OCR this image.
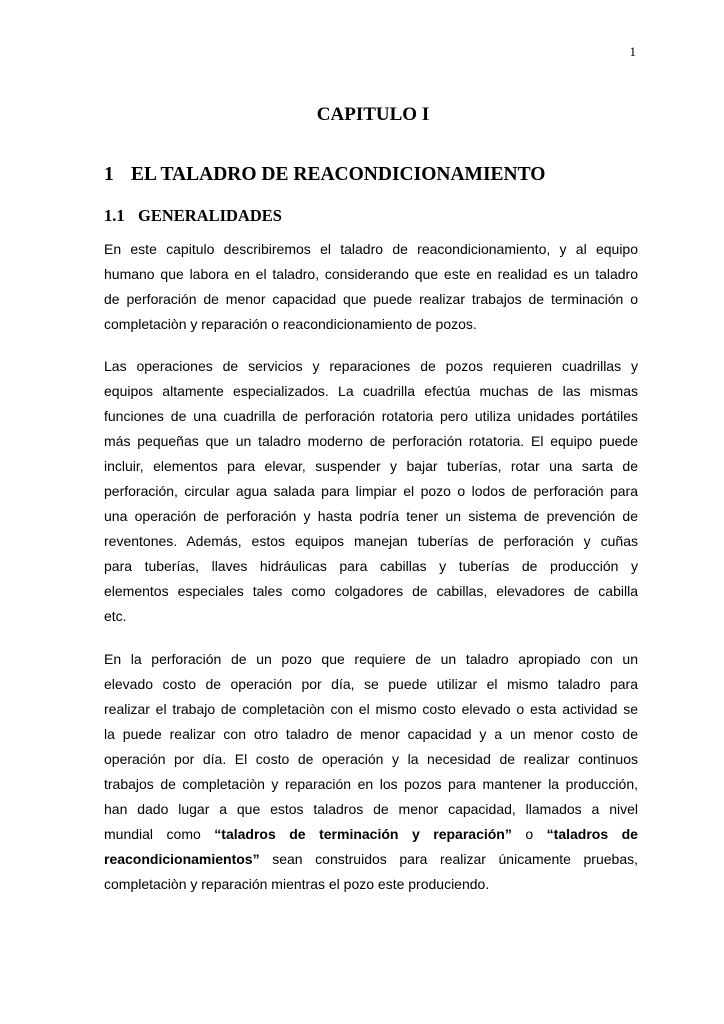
1
CAPITULO I
1 EL TALADRO DE REACONDICIONAMIENTO
1.1 GENERALIDADES
En este capitulo describiremos el taladro de reacondicionamiento, y al equipo
humano que labora en el taladro, considerando que este en realidad es un taladro
de perforación de menor capacidad que puede realizar trabajos de terminación o
completaciòn y reparación o reacondicionamiento de pozos.
Las operaciones de servicios y reparaciones de pozos requieren cuadrillas y
equipos altamente especializados. La cuadrilla efectúa muchas de las mismas
funciones de una cuadrilla de perforación rotatoria pero utiliza unidades portátiles
más pequeñas que un taladro moderno de perforación rotatoria. El equipo puede
incluir, elementos para elevar, suspender y bajar tuberías, rotar una sarta de
perforación, circular agua salada para limpiar el pozo o lodos de perforación para
una operación de perforación y hasta podría tener un sistema de prevención de
reventones. Además, estos equipos manejan tuberías de perforación y cuñas
para tuberías, llaves hidráulicas para cabillas y tuberías de producción y
elementos especiales tales como colgadores de cabillas, elevadores de cabilla
etc.
En la perforación de un pozo que requiere de un taladro apropiado con un
elevado costo de operación por día, se puede utilizar el mismo taladro para
realizar el trabajo de completaciòn con el mismo costo elevado o esta actividad se
la puede realizar con otro taladro de menor capacidad y a un menor costo de
operación por día. El costo de operación y la necesidad de realizar continuos
trabajos de completaciòn y reparación en los pozos para mantener la producción,
han dado lugar a que estos taladros de menor capacidad, llamados a nivel
mundial como “taladros de terminación y reparación” o “taladros de
reacondicionamientos” sean construidos para realizar únicamente pruebas,
completaciòn y reparación mientras el pozo este produciendo.
